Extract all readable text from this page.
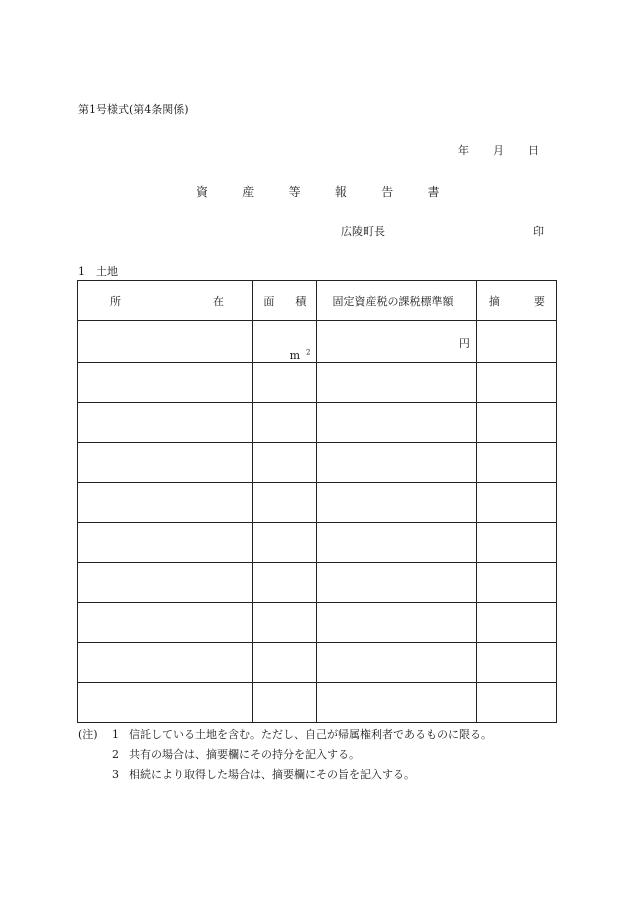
第1号様式(第4条関係)
年 月 日
資	産	等	報	告	書
広陵町長	印
1　土地
所 在	面 積	固定資産税の課税標準額	摘 要

	m $^2$	円	

(注) 1 信託している土地を含む。ただし、自己が帰属権利者であるものに限る。
2 共有の場合は、摘要欄にその持分を記入する。
3 相続により取得した場合は、摘要欄にその旨を記入する。
